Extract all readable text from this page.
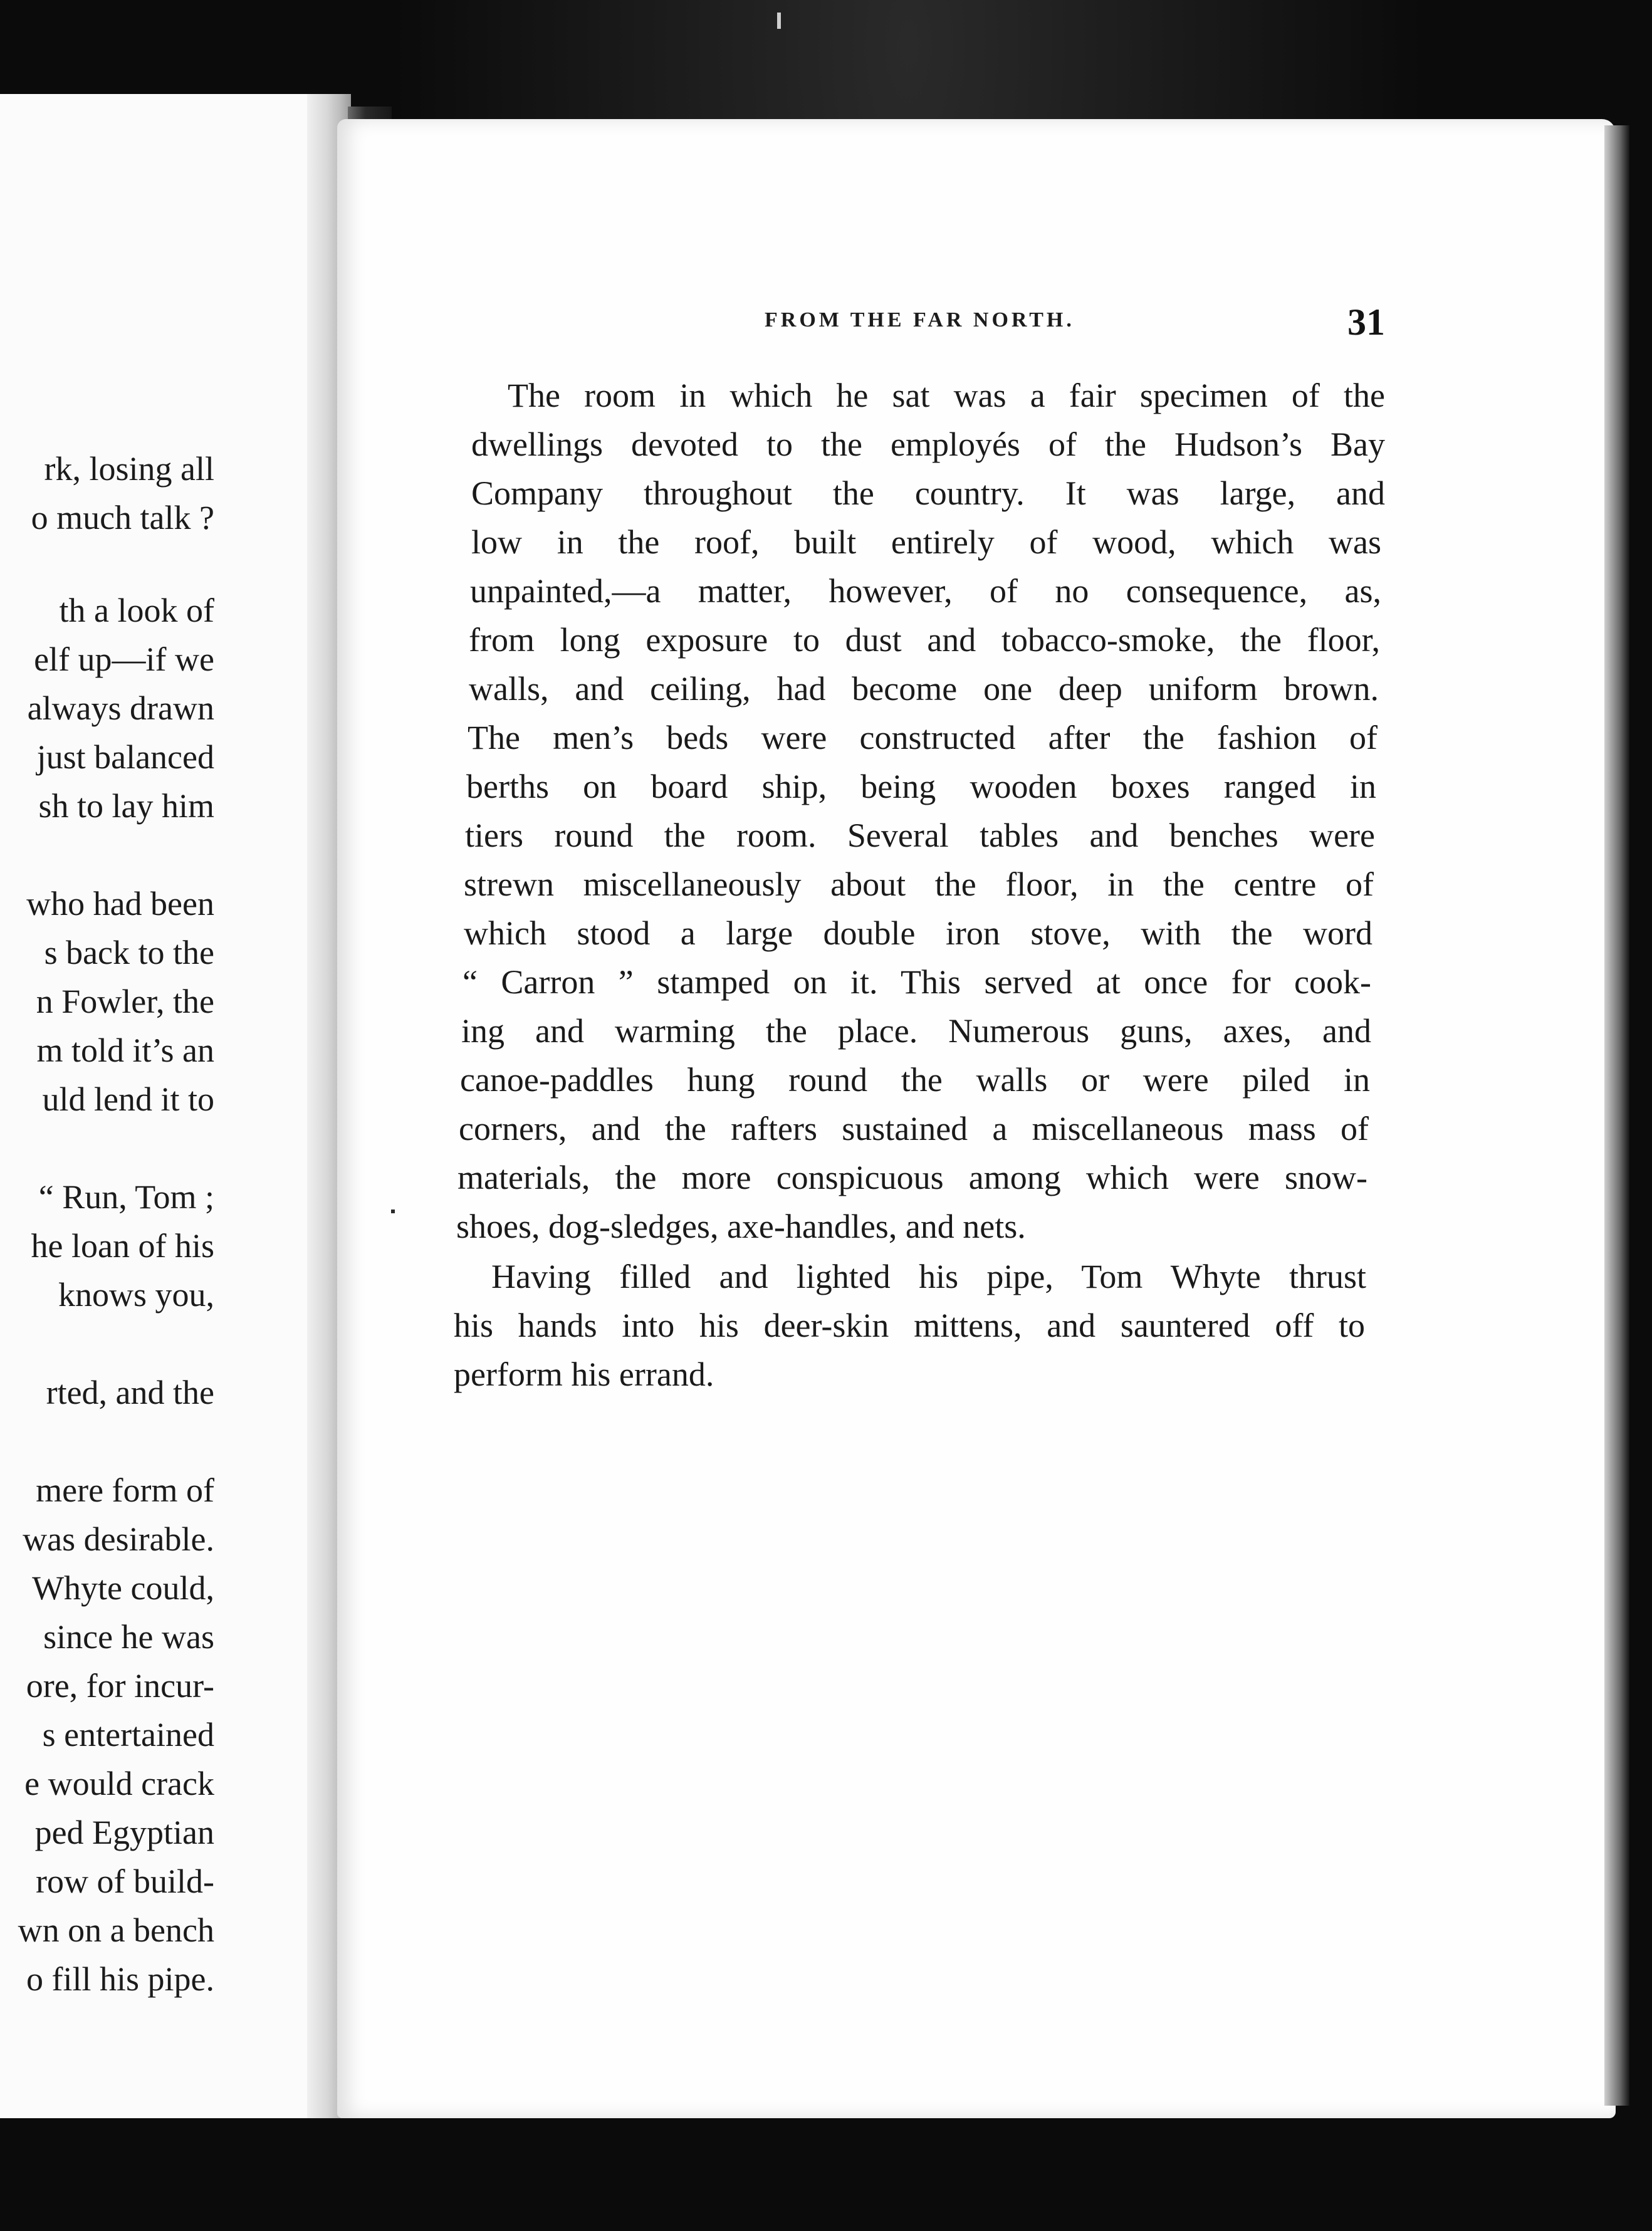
rk, losing all
o much talk ?
th a look of
elf up—if we
always drawn
just balanced
sh to lay him
who had been
s back to the
n Fowler, the
m told it’s an
uld lend it to
“ Run, Tom ;
he loan of his
knows you,
rted, and the
mere form of
was desirable.
Whyte could,
since he was
ore, for incur-
s entertained
e would crack
ped Egyptian
row of build-
wn on a bench
o fill his pipe.
FROM THE FAR NORTH.	31
The room in which he sat was a fair specimen of the
dwellings devoted to the employés of the Hudson’s Bay
Company throughout the country. It was large, and
low in the roof, built entirely of wood, which was
unpainted,—a matter, however, of no consequence, as,
from long exposure to dust and tobacco-smoke, the floor,
walls, and ceiling, had become one deep uniform brown.
The men’s beds were constructed after the fashion of
berths on board ship, being wooden boxes ranged in
tiers round the room. Several tables and benches were
strewn miscellaneously about the floor, in the centre of
which stood a large double iron stove, with the word
“ Carron ” stamped on it. This served at once for cook-
ing and warming the place. Numerous guns, axes, and
canoe-paddles hung round the walls or were piled in
corners, and the rafters sustained a miscellaneous mass of
materials, the more conspicuous among which were snow-
shoes, dog-sledges, axe-handles, and nets.
Having filled and lighted his pipe, Tom Whyte thrust
his hands into his deer-skin mittens, and sauntered off to
perform his errand.
